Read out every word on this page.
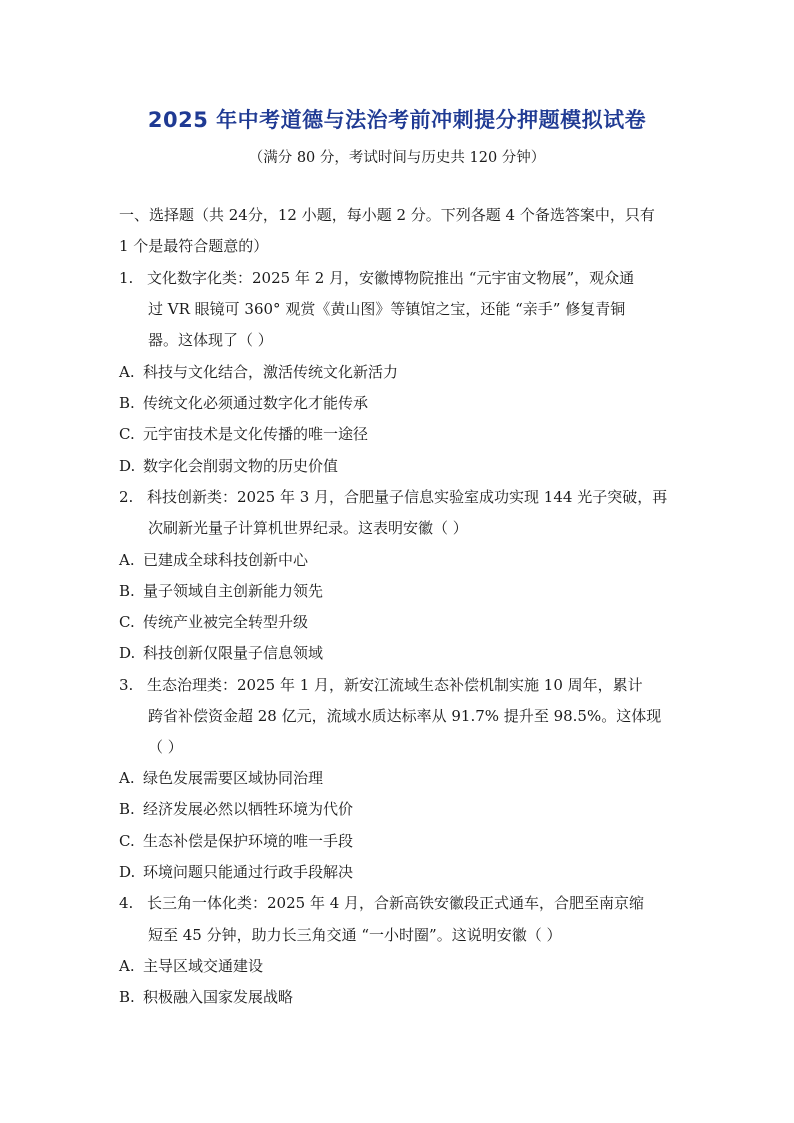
2025 年中考道德与法治考前冲刺提分押题模拟试卷
（满分 80 分，考试时间与历史共 120 分钟）
一、选择题（共 24分，12 小题，每小题 2 分。下列各题 4 个备选答案中，只有
1 个是最符合题意的）
1. 文化数字化类：2025 年 2 月，安徽博物院推出 “元宇宙文物展”，观众通
过 VR 眼镜可 360° 观赏《黄山图》等镇馆之宝，还能 “亲手” 修复青铜
器。这体现了（ ）
A. 科技与文化结合，激活传统文化新活力
B. 传统文化必须通过数字化才能传承
C. 元宇宙技术是文化传播的唯一途径
D. 数字化会削弱文物的历史价值
2. 科技创新类：2025 年 3 月，合肥量子信息实验室成功实现 144 光子突破，再
次刷新光量子计算机世界纪录。这表明安徽（ ）
A. 已建成全球科技创新中心
B. 量子领域自主创新能力领先
C. 传统产业被完全转型升级
D. 科技创新仅限量子信息领域
3. 生态治理类：2025 年 1 月，新安江流域生态补偿机制实施 10 周年，累计
跨省补偿资金超 28 亿元，流域水质达标率从 91.7% 提升至 98.5%。这体现
（ ）
A. 绿色发展需要区域协同治理
B. 经济发展必然以牺牲环境为代价
C. 生态补偿是保护环境的唯一手段
D. 环境问题只能通过行政手段解决
4. 长三角一体化类：2025 年 4 月，合新高铁安徽段正式通车，合肥至南京缩
短至 45 分钟，助力长三角交通 “一小时圈”。这说明安徽（ ）
A. 主导区域交通建设
B. 积极融入国家发展战略
